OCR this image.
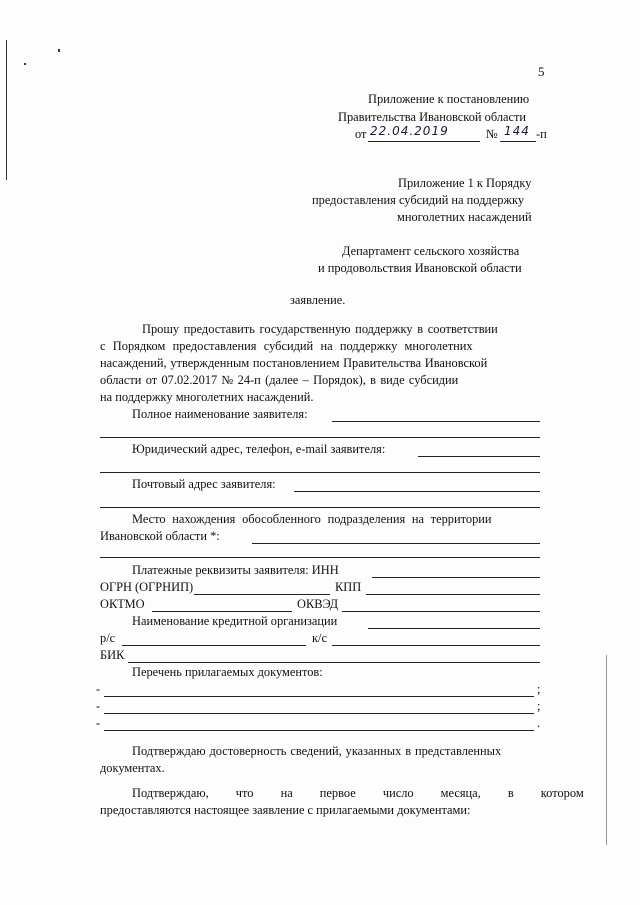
5
Приложение к постановлению
Правительства Ивановской области
от 22.04.2019	№ 144 -п
Приложение 1 к Порядку
предоставления субсидий на поддержку
многолетних насаждений
Департамент сельского хозяйства
и продовольствия Ивановской области
заявление.
Прошу предоставить государственную поддержку в соответствии
с Порядком предоставления субсидий на поддержку многолетних
насаждений, утвержденным постановлением Правительства Ивановской
области от 07.02.2017 № 24-п (далее – Порядок), в виде субсидии
на поддержку многолетних насаждений.
Полное наименование заявителя:
Юридический адрес, телефон, e-mail заявителя:
Почтовый адрес заявителя:
Место нахождения обособленного подразделения на территории
Ивановской области *:
Платежные реквизиты заявителя: ИНН
ОГРН (ОГРНИП)	КПП
ОКТМО	ОКВЭД
Наименование кредитной организации
р/с	к/с
БИК
Перечень прилагаемых документов:
-	;
-	;
-	.
Подтверждаю достоверность сведений, указанных в представленных
документах.
Подтверждаю, что на первое число месяца, в котором
предоставляются настоящее заявление с прилагаемыми документами:
